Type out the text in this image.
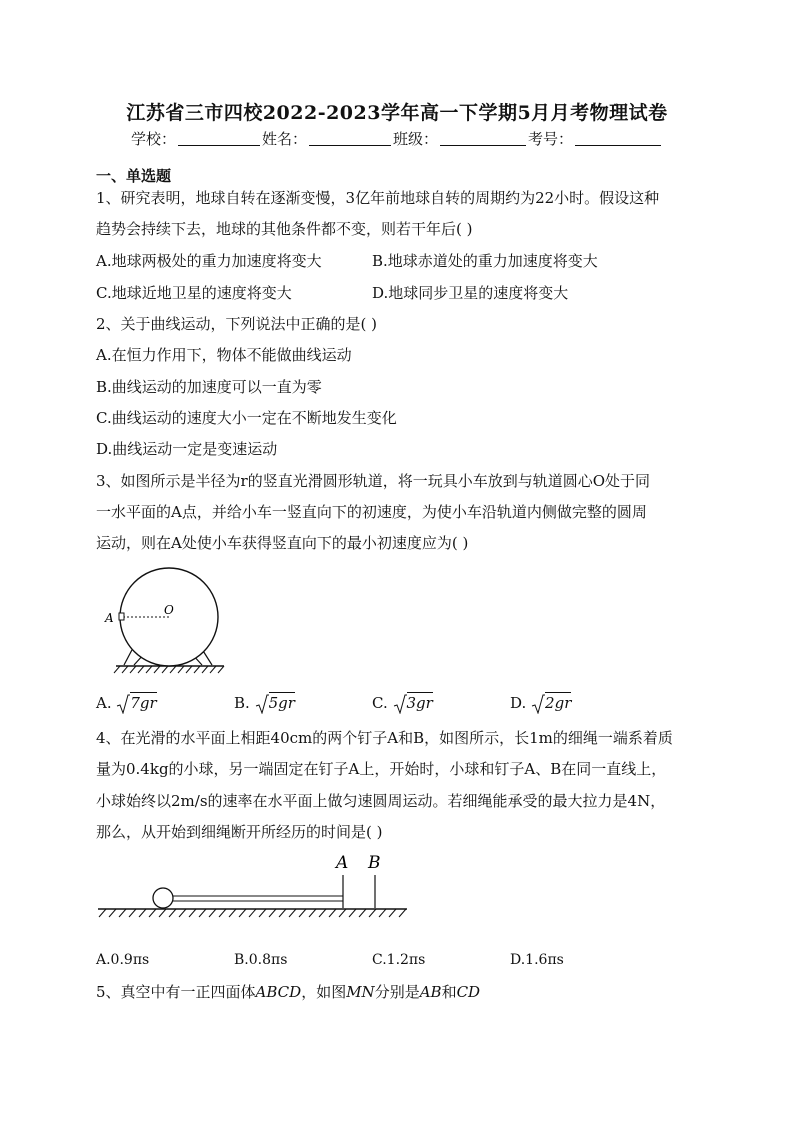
江苏省三市四校2022-2023学年高一下学期5月月考物理试卷
学校：	姓名：	班级：	考号：
一、单选题
1、研究表明，地球自转在逐渐变慢，3亿年前地球自转的周期约为22小时。假设这种
趋势会持续下去，地球的其他条件都不变，则若干年后( )
A.地球两极处的重力加速度将变大	B.地球赤道处的重力加速度将变大
C.地球近地卫星的速度将变大	D.地球同步卫星的速度将变大
2、关于曲线运动，下列说法中正确的是( )
A.在恒力作用下，物体不能做曲线运动
B.曲线运动的加速度可以一直为零
C.曲线运动的速度大小一定在不断地发生变化
D.曲线运动一定是变速运动
3、如图所示是半径为r的竖直光滑圆形轨道，将一玩具小车放到与轨道圆心O处于同
一水平面的A点，并给小车一竖直向下的初速度，为使小车沿轨道内侧做完整的圆周
运动，则在A处使小车获得竖直向下的最小初速度应为( )
A
O
A. 7gr	B. 5gr	C. 3gr	D. 2gr
4、在光滑的水平面上相距40cm的两个钉子A和B，如图所示，长1m的细绳一端系着质
量为0.4kg的小球，另一端固定在钉子A上，开始时，小球和钉子A、B在同一直线上，
小球始终以2m/s的速率在水平面上做匀速圆周运动。若细绳能承受的最大拉力是4N，
那么，从开始到细绳断开所经历的时间是( )
A B
A.0.9πs	B.0.8πs	C.1.2πs	D.1.6πs
5、真空中有一正四面体ABCD，如图MN分别是AB和CD
